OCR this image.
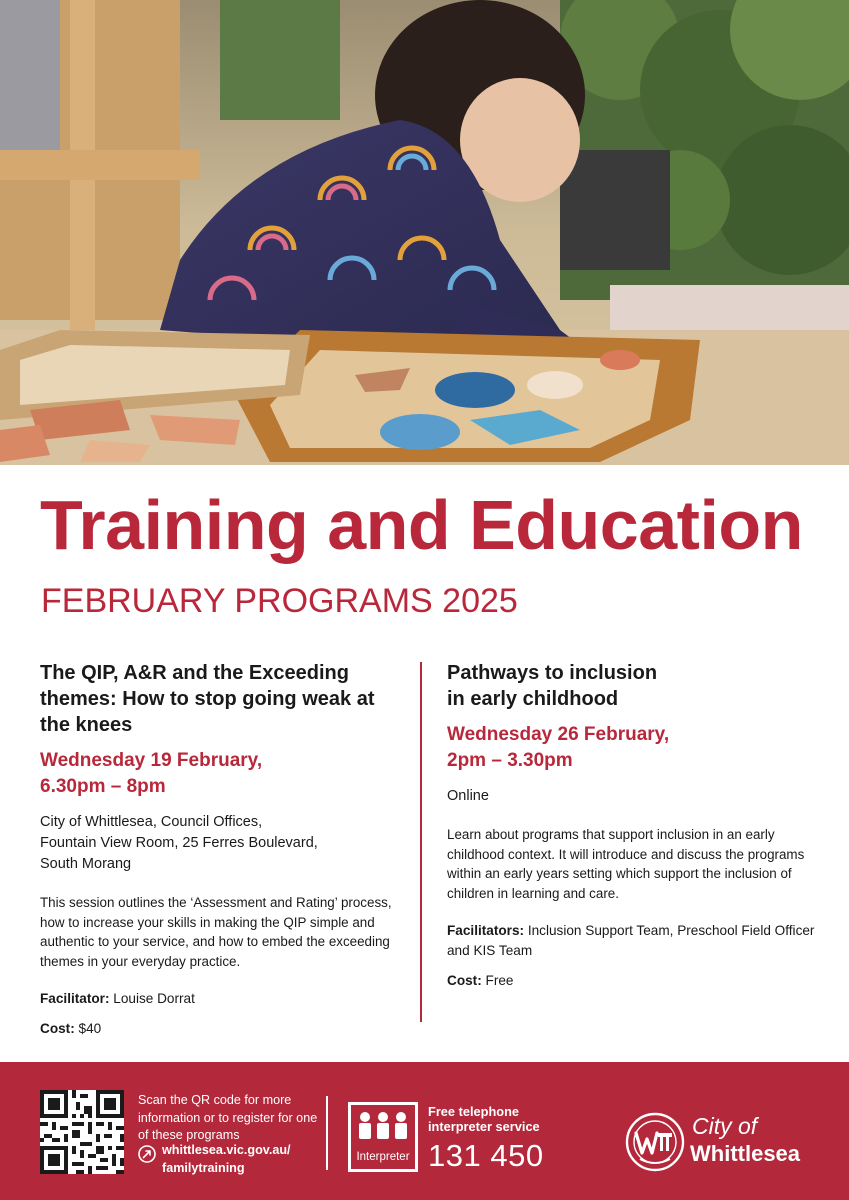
Training and Education
FEBRUARY PROGRAMS 2025

The QIP, A&R and the Exceeding themes: How to stop going weak at the knees

Wednesday 19 February,
6.30pm – 8pm

City of Whittlesea, Council Offices,
Fountain View Room, 25 Ferres Boulevard,
South Morang

This session outlines the ‘Assessment and Rating’ process, how to increase your skills in making the QIP simple and authentic to your service, and how to embed the exceeding themes in your everyday practice.

Facilitator: Louise Dorrat

Cost: $40

Pathways to inclusion
in early childhood

Wednesday 26 February,
2pm – 3.30pm

Online

Learn about programs that support inclusion in an early childhood context. It will introduce and discuss the programs within an early years setting which support the inclusion of children in learning and care.

Facilitators: Inclusion Support Team, Preschool Field Officer and KIS Team

Cost: Free

Scan the QR code for more information or to register for one of these programs
whittlesea.vic.gov.au/
familytraining
Interpreter
Free telephone interpreter service
131 450
City of
Whittlesea
